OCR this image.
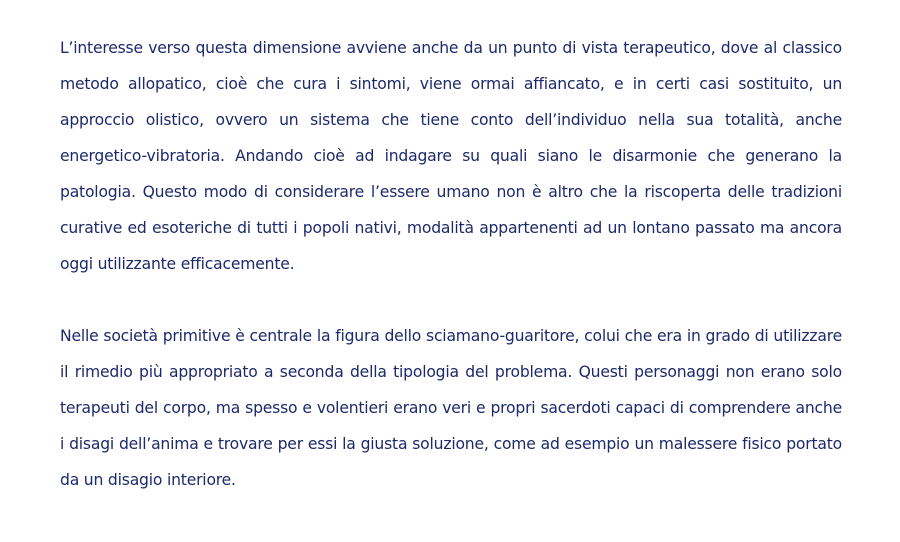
L’interesse verso questa dimensione avviene anche da un punto di vista terapeutico, dove al classico metodo allopatico, cioè che cura i sintomi, viene ormai affiancato, e in certi casi sostituito, un approccio olistico, ovvero un sistema che tiene conto dell’individuo nella sua totalità, anche energetico-vibratoria. Andando cioè ad indagare su quali siano le disarmonie che generano la patologia. Questo modo di considerare l’essere umano non è altro che la riscoperta delle tradizioni curative ed esoteriche di tutti i popoli nativi, modalità appartenenti ad un lontano passato ma ancora oggi utilizzante efficacemente.

Nelle società primitive è centrale la figura dello sciamano-guaritore, colui che era in grado di utilizzare il rimedio più appropriato a seconda della tipologia del problema. Questi personaggi non erano solo terapeuti del corpo, ma spesso e volentieri erano veri e propri sacerdoti capaci di comprendere anche i disagi dell’anima e trovare per essi la giusta soluzione, come ad esempio un malessere fisico portato da un disagio interiore.
